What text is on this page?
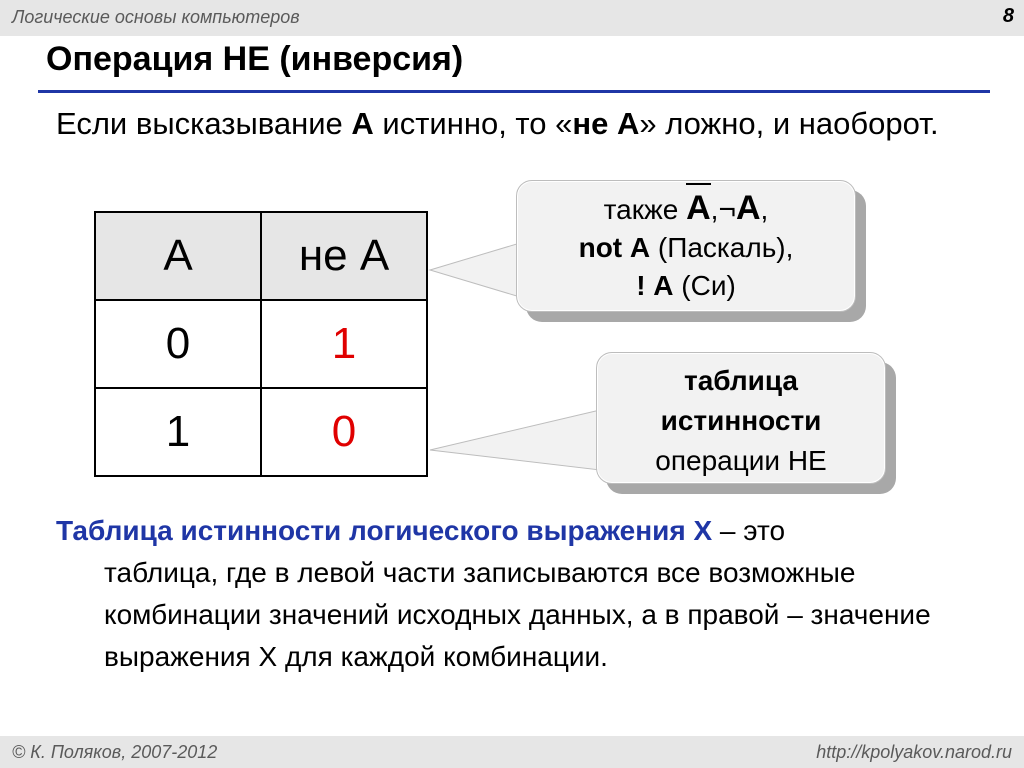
Логические основы компьютеров	8
Операция НЕ (инверсия)
Если высказывание А истинно, то «не А» ложно, и наоборот.
А	не А
0	1
1	0
также А,¬А,
not А (Паскаль),
! А (Си)
таблица
истинности
операции НЕ
Таблица истинности логического выражения Х – это
таблица, где в левой части записываются все возможные комбинации значений исходных данных, а в правой – значение выражения Х для каждой комбинации.
© К. Поляков, 2007-2012	http://kpolyakov.narod.ru
